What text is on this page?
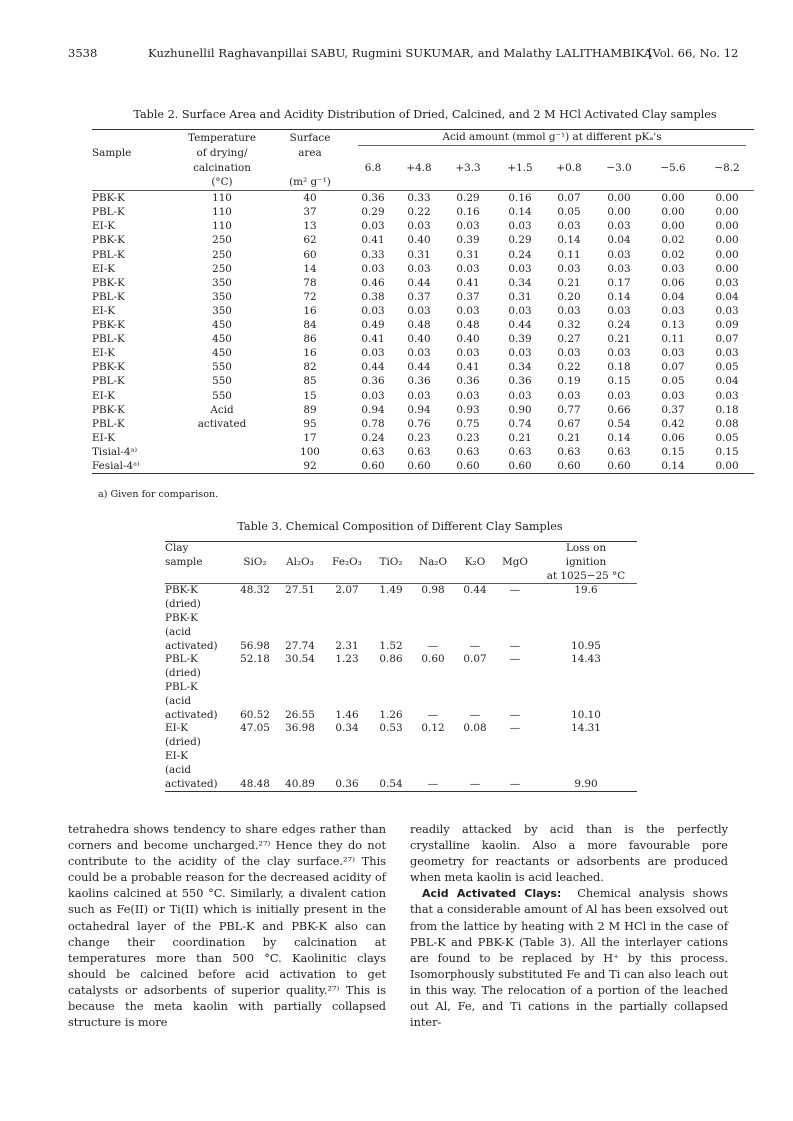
3538	Kuzhunellil Raghavanpillai SABU, Rugmini SUKUMAR, and Malathy LALITHAMBIKA
[Vol. 66, No. 12
Table 2. Surface Area and Acidity Distribution of Dried, Calcined, and 2 M HCl Activated Clay samples
	Temperature	Surface	Acid amount (mmol g⁻¹) at different pKₐ's							

Sample	of drying/	area								
	calcination		6.8	+4.8	+3.3	+1.5	+0.8	−3.0	−5.6	−8.2
	(°C)	(m² g⁻¹)								
PBK-K	110	40	0.36	0.33	0.29	0.16	0.07	0.00	0.00	0.00
PBL-K	110	37	0.29	0.22	0.16	0.14	0.05	0.00	0.00	0.00
EI-K	110	13	0.03	0.03	0.03	0.03	0.03	0.03	0.00	0.00
PBK-K	250	62	0.41	0.40	0.39	0.29	0.14	0.04	0.02	0.00
PBL-K	250	60	0.33	0.31	0.31	0.24	0.11	0.03	0.02	0.00
EI-K	250	14	0.03	0.03	0.03	0.03	0.03	0.03	0.03	0.00
PBK-K	350	78	0.46	0.44	0.41	0.34	0.21	0.17	0.06	0.03
PBL-K	350	72	0.38	0.37	0.37	0.31	0.20	0.14	0.04	0.04
EI-K	350	16	0.03	0.03	0.03	0.03	0.03	0.03	0.03	0.03
PBK-K	450	84	0.49	0.48	0.48	0.44	0.32	0.24	0.13	0.09
PBL-K	450	86	0.41	0.40	0.40	0.39	0.27	0.21	0.11	0.07
EI-K	450	16	0.03	0.03	0.03	0.03	0.03	0.03	0.03	0.03
PBK-K	550	82	0.44	0.44	0.41	0.34	0.22	0.18	0.07	0.05
PBL-K	550	85	0.36	0.36	0.36	0.36	0.19	0.15	0.05	0.04
EI-K	550	15	0.03	0.03	0.03	0.03	0.03	0.03	0.03	0.03
PBK-K	Acid	89	0.94	0.94	0.93	0.90	0.77	0.66	0.37	0.18
PBL-K	activated	95	0.78	0.76	0.75	0.74	0.67	0.54	0.42	0.08
EI-K		17	0.24	0.23	0.23	0.21	0.21	0.14	0.06	0.05
Tisial-4ᵃ⁾		100	0.63	0.63	0.63	0.63	0.63	0.63	0.15	0.15
Fesial-4ᵃ⁾		92	0.60	0.60	0.60	0.60	0.60	0.60	0.14	0.00
a) Given for comparison.
Table 3. Chemical Composition of Different Clay Samples
Clay								Loss on
sample	SiO₂	Al₂O₃	Fe₂O₃	TiO₂	Na₂O	K₂O	MgO	ignition
								at 1025−25 °C

PBK-K
(dried)	48.32	27.51	2.07	1.49	0.98	0.44	—	19.6

PBK-K
(acid
activated)	56.98	27.74	2.31	1.52	—	—	—	10.95

PBL-K
(dried)	52.18	30.54	1.23	0.86	0.60	0.07	—	14.43

PBL-K
(acid
activated)	60.52	26.55	1.46	1.26	—	—	—	10.10

EI-K
(dried)	47.05	36.98	0.34	0.53	0.12	0.08	—	14.31

EI-K
(acid
activated)	48.48	40.89	0.36	0.54	—	—	—	9.90

tetrahedra shows tendency to share edges rather than corners and become uncharged.²⁷⁾ Hence they do not contribute to the acidity of the clay surface.²⁷⁾ This could be a probable reason for the decreased acidity of kaolins calcined at 550 °C. Similarly, a divalent cation such as Fe(II) or Ti(II) which is initially present in the octahedral layer of the PBL-K and PBK-K also can change their coordination by calcination at temperatures more than 500 °C. Kaolinitic clays should be calcined before acid activation to get catalysts or adsorbents of superior quality.²⁷⁾ This is because the meta kaolin with partially collapsed structure is more

readily attacked by acid than is the perfectly crystalline kaolin. Also a more favourable pore geometry for reactants or adsorbents are produced when meta kaolin is acid leached.

Acid Activated Clays: Chemical analysis shows that a considerable amount of Al has been exsolved out from the lattice by heating with 2 M HCl in the case of PBL-K and PBK-K (Table 3). All the interlayer cations are found to be replaced by H⁺ by this process. Isomorphously substituted Fe and Ti can also leach out in this way. The relocation of a portion of the leached out Al, Fe, and Ti cations in the partially collapsed inter-
